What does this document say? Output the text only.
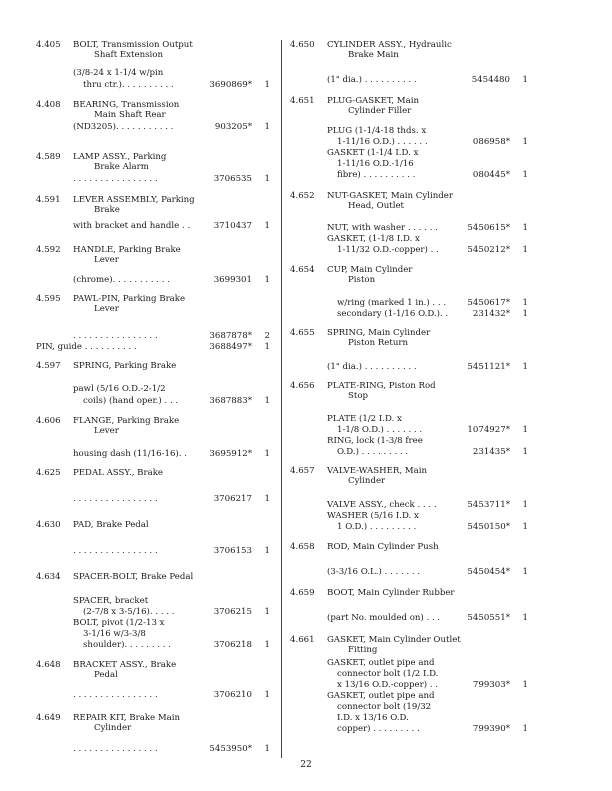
4.405	BOLT, Transmission Output
Shaft Extension
(3/8-24 x 1-1/4 w/pin
thru ctr.). . . . . . . . . .	3690869* 1
4.408	BEARING, Transmission
Main Shaft Rear
(ND3205). . . . . . . . . . .	903205* 1
4.589	LAMP ASSY., Parking
Brake Alarm
. . . . . . . . . . . . . . . .	3706535 1
4.591	LEVER ASSEMBLY, Parking
Brake
with bracket and handle . .	3710437 1
4.592	HANDLE, Parking Brake
Lever
(chrome). . . . . . . . . . .	3699301 1
4.595	PAWL-PIN, Parking Brake
Lever
. . . . . . . . . . . . . . . .	3687878* 2
PIN, guide . . . . . . . . . .	3688497* 1
4.597	SPRING, Parking Brake
pawl (5/16 O.D.-2-1/2
coils) (hand oper.) . . .	3687883* 1
4.606	FLANGE, Parking Brake
Lever
housing dash (11/16-16). .	3695912* 1
4.625	PEDAL ASSY., Brake
. . . . . . . . . . . . . . . .	3706217 1
4.630	PAD, Brake Pedal
. . . . . . . . . . . . . . . .	3706153 1
4.634	SPACER-BOLT, Brake Pedal
SPACER, bracket
(2-7/8 x 3-5/16). . . . .	3706215 1
BOLT, pivot (1/2-13 x
3-1/16 w/3-3/8
shoulder). . . . . . . . .	3706218 1
4.648	BRACKET ASSY., Brake
Pedal
. . . . . . . . . . . . . . . .	3706210 1
4.649	REPAIR KIT, Brake Main
Cylinder
. . . . . . . . . . . . . . . .	5453950* 1
4.650	CYLINDER ASSY., Hydraulic
Brake Main
(1" dia.) . . . . . . . . . .	5454480 1
4.651	PLUG-GASKET, Main
Cylinder Filler
PLUG (1-1/4-18 thds. x
1-11/16 O.D.) . . . . . .	086958* 1
GASKET (1-1/4 I.D. x
1-11/16 O.D.-1/16
fibre) . . . . . . . . . .	080445* 1
4.652	NUT-GASKET, Main Cylinder
Head, Outlet
NUT, with washer . . . . . .	5450615* 1
GASKET, (1-1/8 I.D. x
1-11/32 O.D.-copper) . .	5450212* 1
4.654	CUP, Main Cylinder
Piston
w/ring (marked 1 in.) . . . 5450617* 1
secondary (1-1/16 O.D.). .	231432* 1
4.655	SPRING, Main Cylinder
Piston Return
(1" dia.) . . . . . . . . . .	5451121* 1
4.656	PLATE-RING, Piston Rod
Stop
PLATE (1/2 I.D. x
1-1/8 O.D.) . . . . . . .	1074927* 1
RING, lock (1-3/8 free
O.D.) . . . . . . . . .	231435* 1
4.657	VALVE-WASHER, Main
Cylinder
VALVE ASSY., check . . . .	5453711* 1
WASHER (5/16 I.D. x
1 O.D.) . . . . . . . . .	5450150* 1
4.658	ROD, Main Cylinder Push
(3-3/16 O.L.) . . . . . . .	5450454* 1
4.659	BOOT, Main Cylinder Rubber
(part No. moulded on) . . .	5450551* 1
4.661	GASKET, Main Cylinder Outlet
Fitting
GASKET, outlet pipe and
connector bolt (1/2 I.D.
x 13/16 O.D.-copper) . .	799303* 1
GASKET, outlet pipe and
connector bolt (19/32
I.D. x 13/16 O.D.
copper) . . . . . . . . .	799390* 1
22
